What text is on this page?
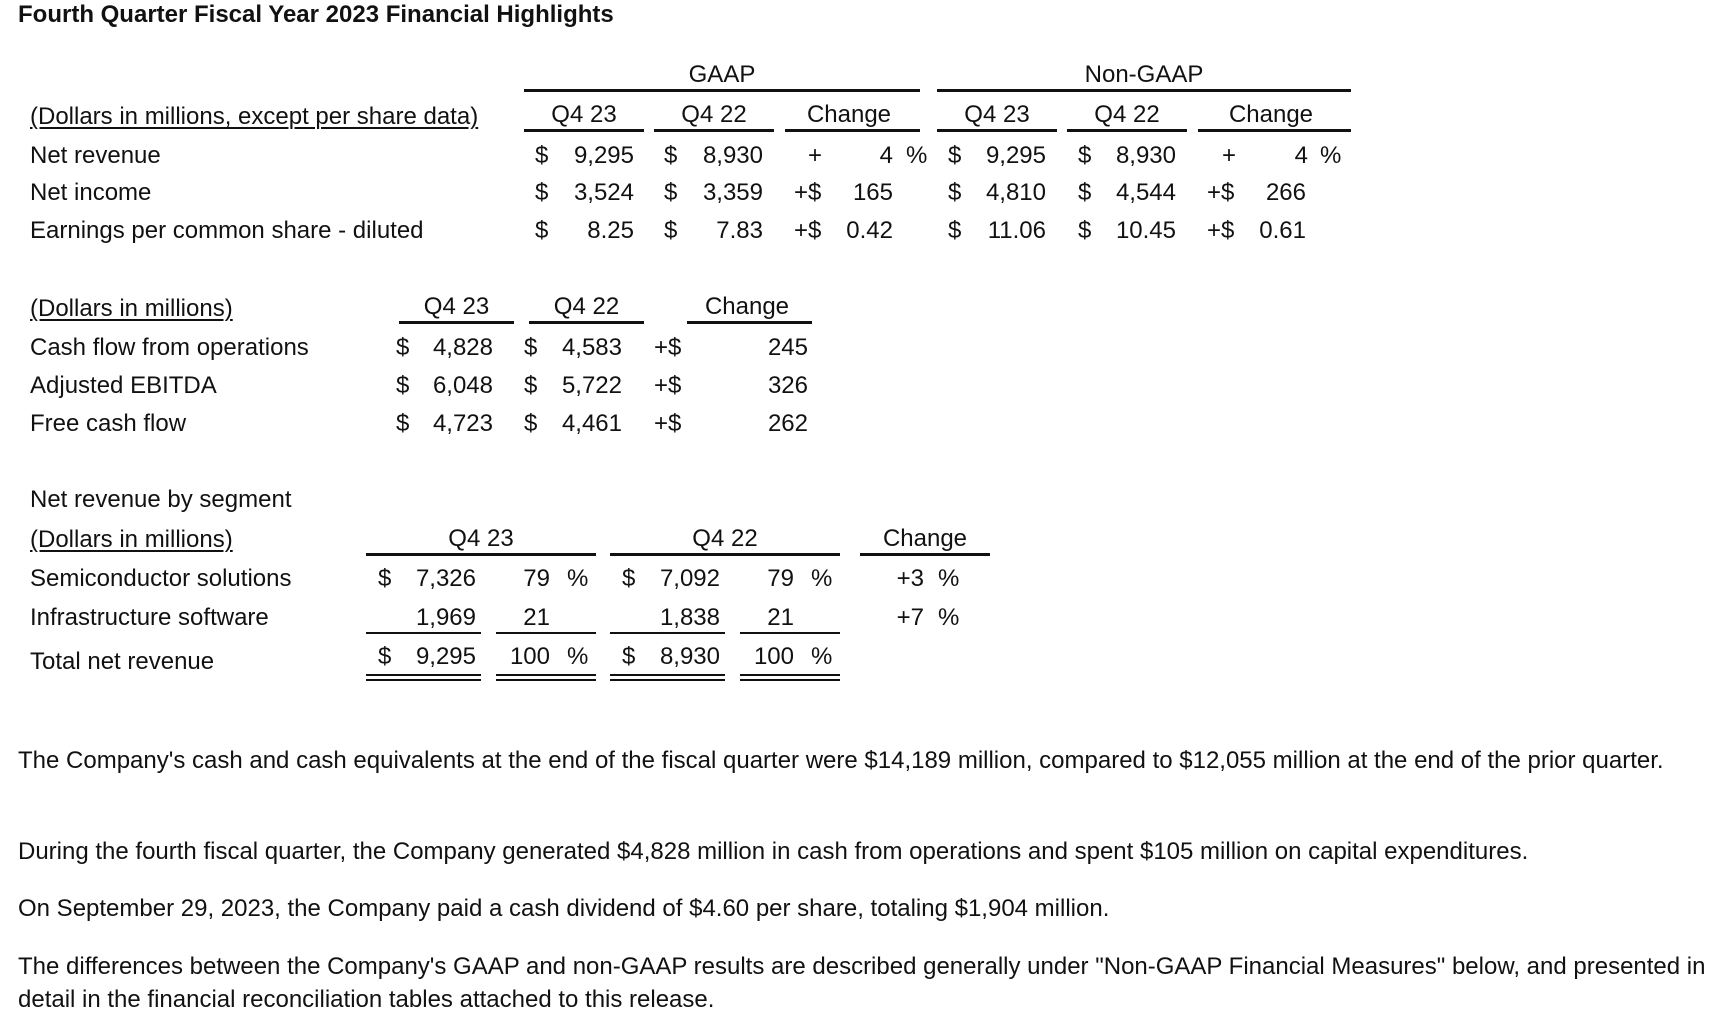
Fourth Quarter Fiscal Year 2023 Financial Highlights
GAAP	Non-GAAP
(Dollars in millions, except per share data)	Q4 23	Q4 22	Change	Q4 23	Q4 22	Change
Net revenue	$	9,295 $	8,930 +	4 % $	9,295 $	8,930 +	4 %
Net income	$	3,524 $	3,359 +$	165 $	4,810 $	4,544 +$	266
Earnings per common share - diluted	$	8.25 $	7.83 +$	0.42 $	11.06 $	10.45 +$	0.61
(Dollars in millions)	Q4 23	Q4 22	Change
Cash flow from operations	$ 4,828 $	4,583 +$	245
Adjusted EBITDA	$ 6,048 $	5,722 +$	326
Free cash flow	$ 4,723 $	4,461 +$	262
Net revenue by segment
(Dollars in millions)	Q4 23	Q4 22	Change
Semiconductor solutions	$	7,326	79 % $	7,092	79 %	+3 %
Infrastructure software	1,969	21	1,838	21	+7 %
Total net revenue	$	9,295	100 % $	8,930	100 %
The Company's cash and cash equivalents at the end of the fiscal quarter were $14,189 million, compared to $12,055 million at the end of the prior quarter.
During the fourth fiscal quarter, the Company generated $4,828 million in cash from operations and spent $105 million on capital expenditures.
On September 29, 2023, the Company paid a cash dividend of $4.60 per share, totaling $1,904 million.
The differences between the Company's GAAP and non-GAAP results are described generally under "Non-GAAP Financial Measures" below, and presented in detail in the financial reconciliation tables attached to this release.
